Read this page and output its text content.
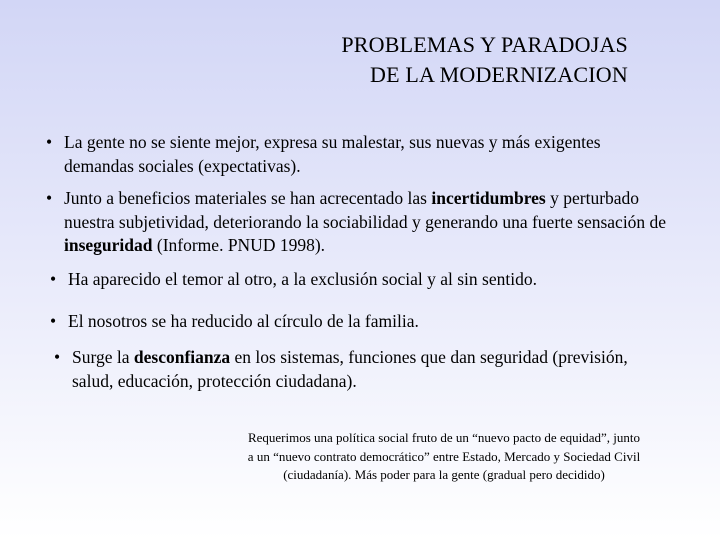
PROBLEMAS Y PARADOJAS
DE LA MODERNIZACION
• La gente no se siente mejor, expresa su malestar, sus nuevas y más exigentes demandas sociales (expectativas).
• Junto a beneficios materiales se han acrecentado las incertidumbres y perturbado nuestra subjetividad, deteriorando la sociabilidad y generando una fuerte sensación de inseguridad (Informe. PNUD 1998).
• Ha aparecido el temor al otro, a la exclusión social y al sin sentido.
• El nosotros se ha reducido al círculo de la familia.
• Surge la desconfianza en los sistemas, funciones que dan seguridad (previsión, salud, educación, protección ciudadana).
Requerimos una política social fruto de un “nuevo pacto de equidad”, junto a un “nuevo contrato democrático” entre Estado, Mercado y Sociedad Civil (ciudadanía). Más poder para la gente (gradual pero decidido)
